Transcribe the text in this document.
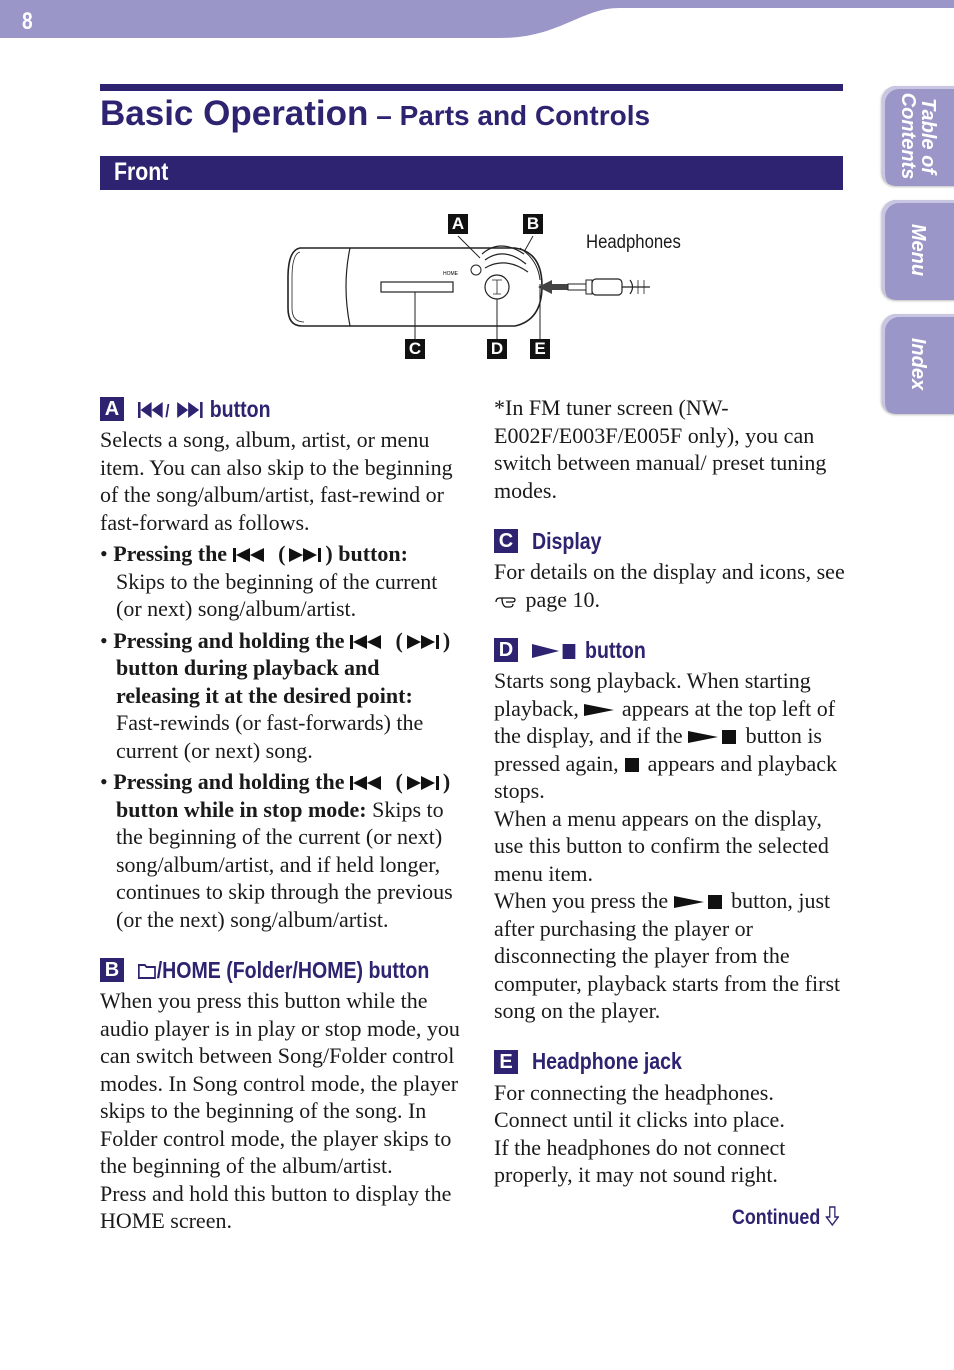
8
Basic Operation – Parts and Controls
Front	Table of
Contents
Menu
Index
HOME
A	B
C	D E
Headphones
A	/ button

Selects a song, album, artist, or menu item. You can also skip to the beginning of the song/album/artist, fast-rewind or fast-forward as follows.

• Pressing the  ( ) button: Skips to the beginning of the current (or next) song/album/artist.

• Pressing and holding the  ( ) button during playback and releasing it at the desired point: Fast-rewinds (or fast-forwards) the current (or next) song.

• Pressing and holding the  ( ) button while in stop mode: Skips to the beginning of the current (or next) song/album/artist, and if held longer, continues to skip through the previous (or the next) song/album/artist.

B	/HOME (Folder/HOME) button

When you press this button while the audio player is in play or stop mode, you can switch between Song/Folder control modes. In Song control mode, the player skips to the beginning of the song. In Folder control mode, the player skips to the beginning of the album/artist.

Press and hold this button to display the HOME screen.

*In FM tuner screen (NW-E002F/E003F/E005F only), you can switch between manual/ preset tuning modes.

C Display

For details on the display and icons, see  page 10.

D	button

Starts song playback. When starting playback,  appears at the top left of the display, and if the  button is pressed again,  appears and playback stops.

When a menu appears on the display, use this button to confirm the selected menu item.

When you press the  button, just after purchasing the player or disconnecting the player from the computer, playback starts from the first song on the player.

E Headphone jack

For connecting the headphones. Connect until it clicks into place.

If the headphones do not connect properly, it may not sound right.

Continued
